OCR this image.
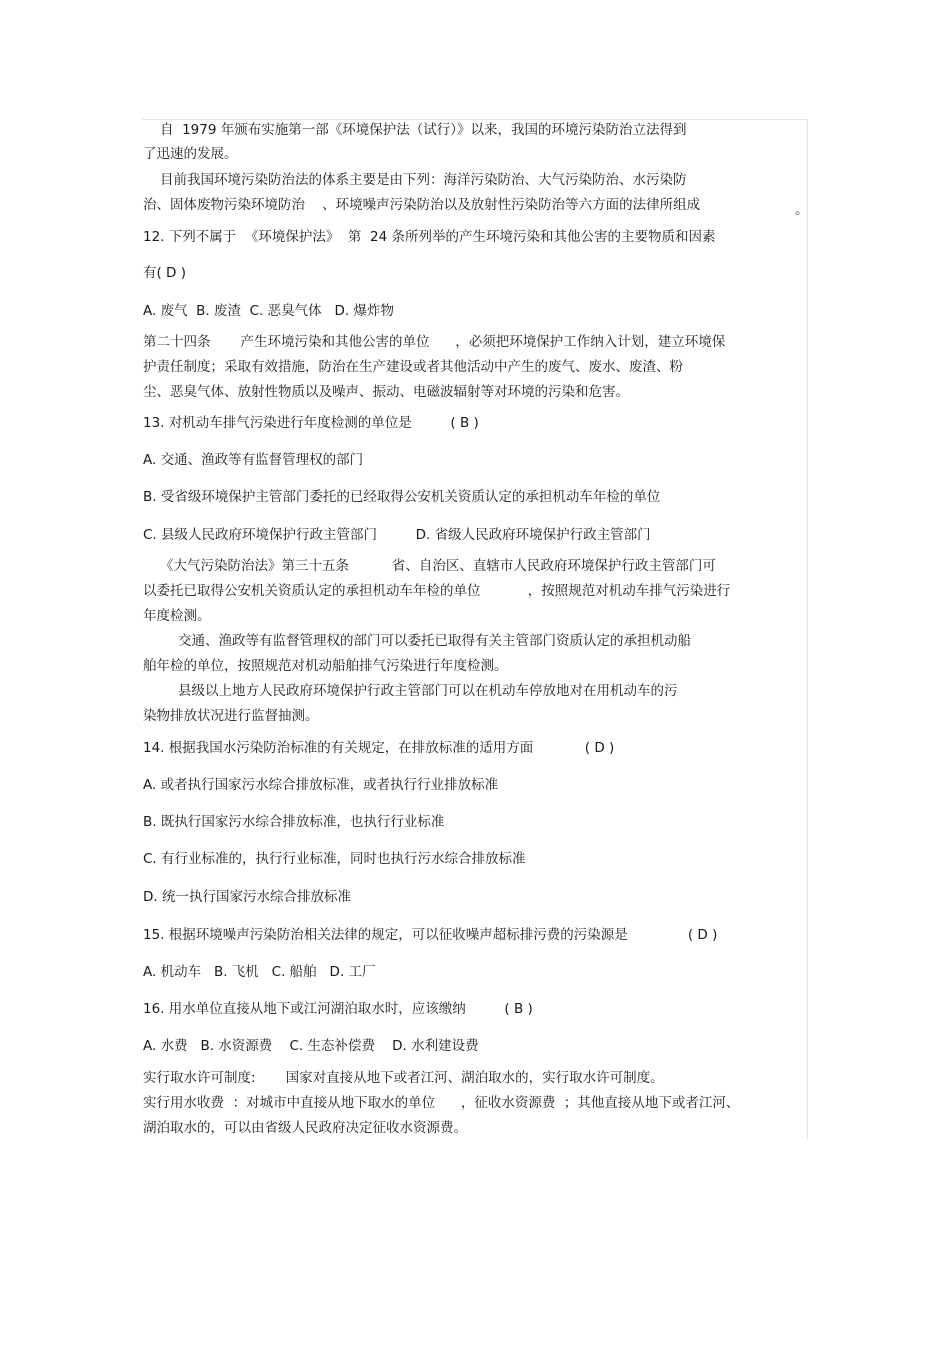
自  1979 年颁布实施第一部《环境保护法（试行）》以来，我国的环境污染防治立法得到
了迅速的发展。
目前我国环境污染防治法的体系主要是由下列：海洋污染防治、大气污染防治、水污染防
治、固体废物污染环境防治    、环境噪声污染防治以及放射性污染防治等六方面的法律所组成	。
12. 下列不属于  《环境保护法》  第  24 条所列举的产生环境污染和其他公害的主要物质和因素
有( D )
A. 废气  B. 废渣  C. 恶臭气体   D. 爆炸物
第二十四条       产生环境污染和其他公害的单位      ，必须把环境保护工作纳入计划，建立环境保
护责任制度；采取有效措施，防治在生产建设或者其他活动中产生的废气、废水、废渣、粉
尘、恶臭气体、放射性物质以及噪声、振动、电磁波辐射等对环境的污染和危害。
13. 对机动车排气污染进行年度检测的单位是         ( B )
A. 交通、渔政等有监督管理权的部门
B. 受省级环境保护主管部门委托的已经取得公安机关资质认定的承担机动车年检的单位
C. 县级人民政府环境保护行政主管部门         D. 省级人民政府环境保护行政主管部门
《大气污染防治法》第三十五条          省、自治区、直辖市人民政府环境保护行政主管部门可
以委托已取得公安机关资质认定的承担机动车年检的单位           ，按照规范对机动车排气污染进行
年度检测。
交通、渔政等有监督管理权的部门可以委托已取得有关主管部门资质认定的承担机动船
舶年检的单位，按照规范对机动船舶排气污染进行年度检测。
县级以上地方人民政府环境保护行政主管部门可以在机动车停放地对在用机动车的污
染物排放状况进行监督抽测。
14. 根据我国水污染防治标准的有关规定，在排放标准的适用方面            ( D )
A. 或者执行国家污水综合排放标准，或者执行行业排放标准
B. 既执行国家污水综合排放标准，也执行行业标准
C. 有行业标准的，执行行业标准，同时也执行污水综合排放标准
D. 统一执行国家污水综合排放标准
15. 根据环境噪声污染防治相关法律的规定，可以征收噪声超标排污费的污染源是              ( D )
A. 机动车   B. 飞机   C. 船舶   D. 工厂
16. 用水单位直接从地下或江河湖泊取水时，应该缴纳         ( B )
A. 水费   B. 水资源费    C. 生态补偿费    D. 水利建设费
实行取水许可制度:       国家对直接从地下或者江河、湖泊取水的，实行取水许可制度。
实行用水收费  ：对城市中直接从地下取水的单位      ，征收水资源费  ；其他直接从地下或者江河、
湖泊取水的，可以由省级人民政府决定征收水资源费。
